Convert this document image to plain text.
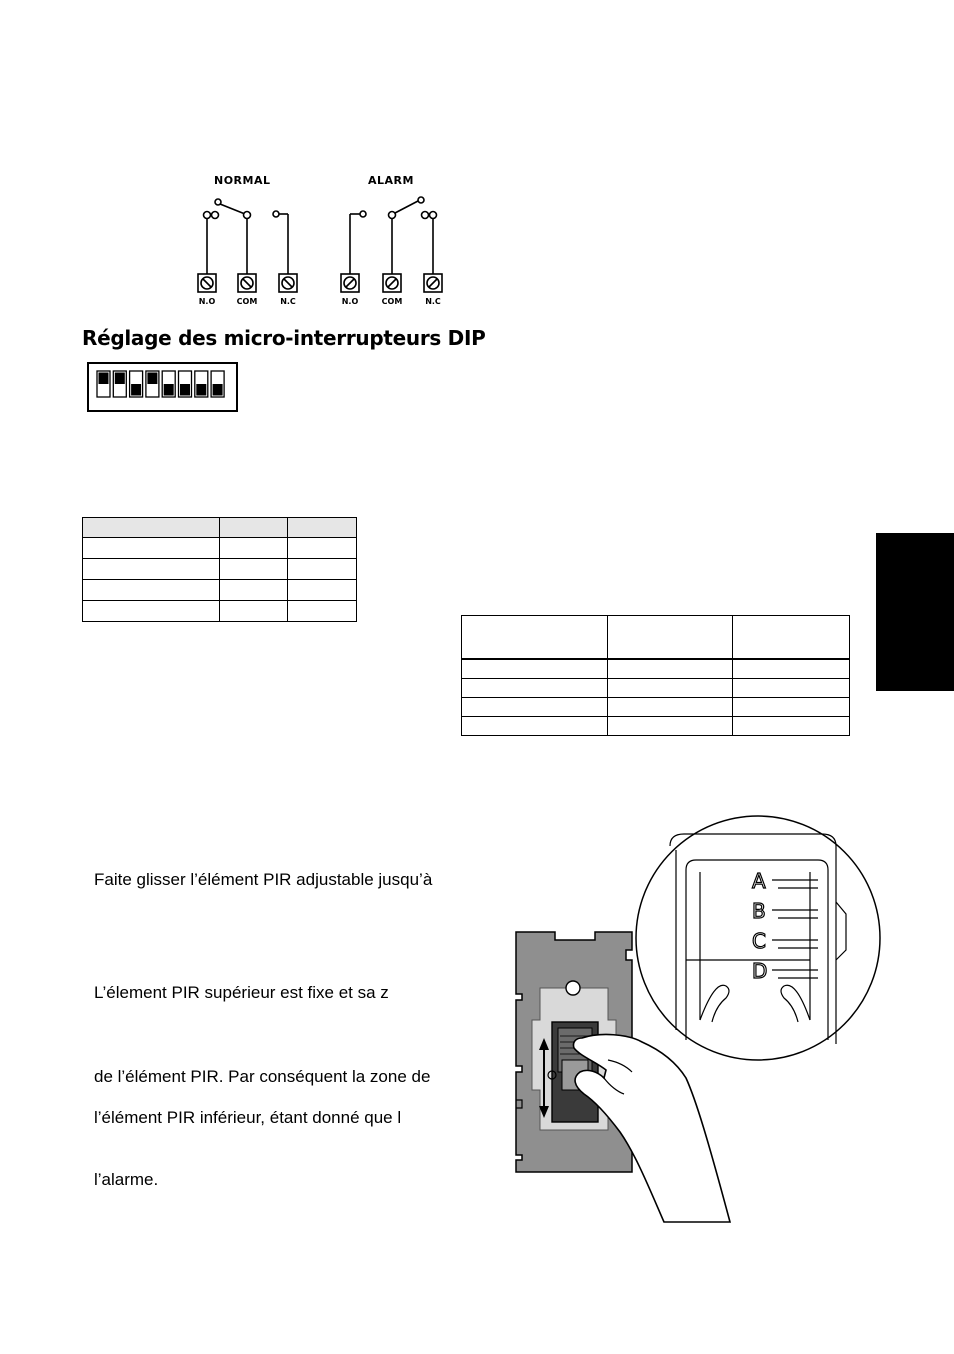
NORMAL	ALARM
N.O	COM	N.C	N.O	COM	N.C
Réglage des micro-interrupteurs DIP

Faite glisser l’élément PIR adjustable jusqu’à
L’élement PIR supérieur est fixe et sa z
de l’élément PIR. Par conséquent la zone de
l’élément PIR inférieur, étant donné que l
l’alarme.
A
B
C
D
